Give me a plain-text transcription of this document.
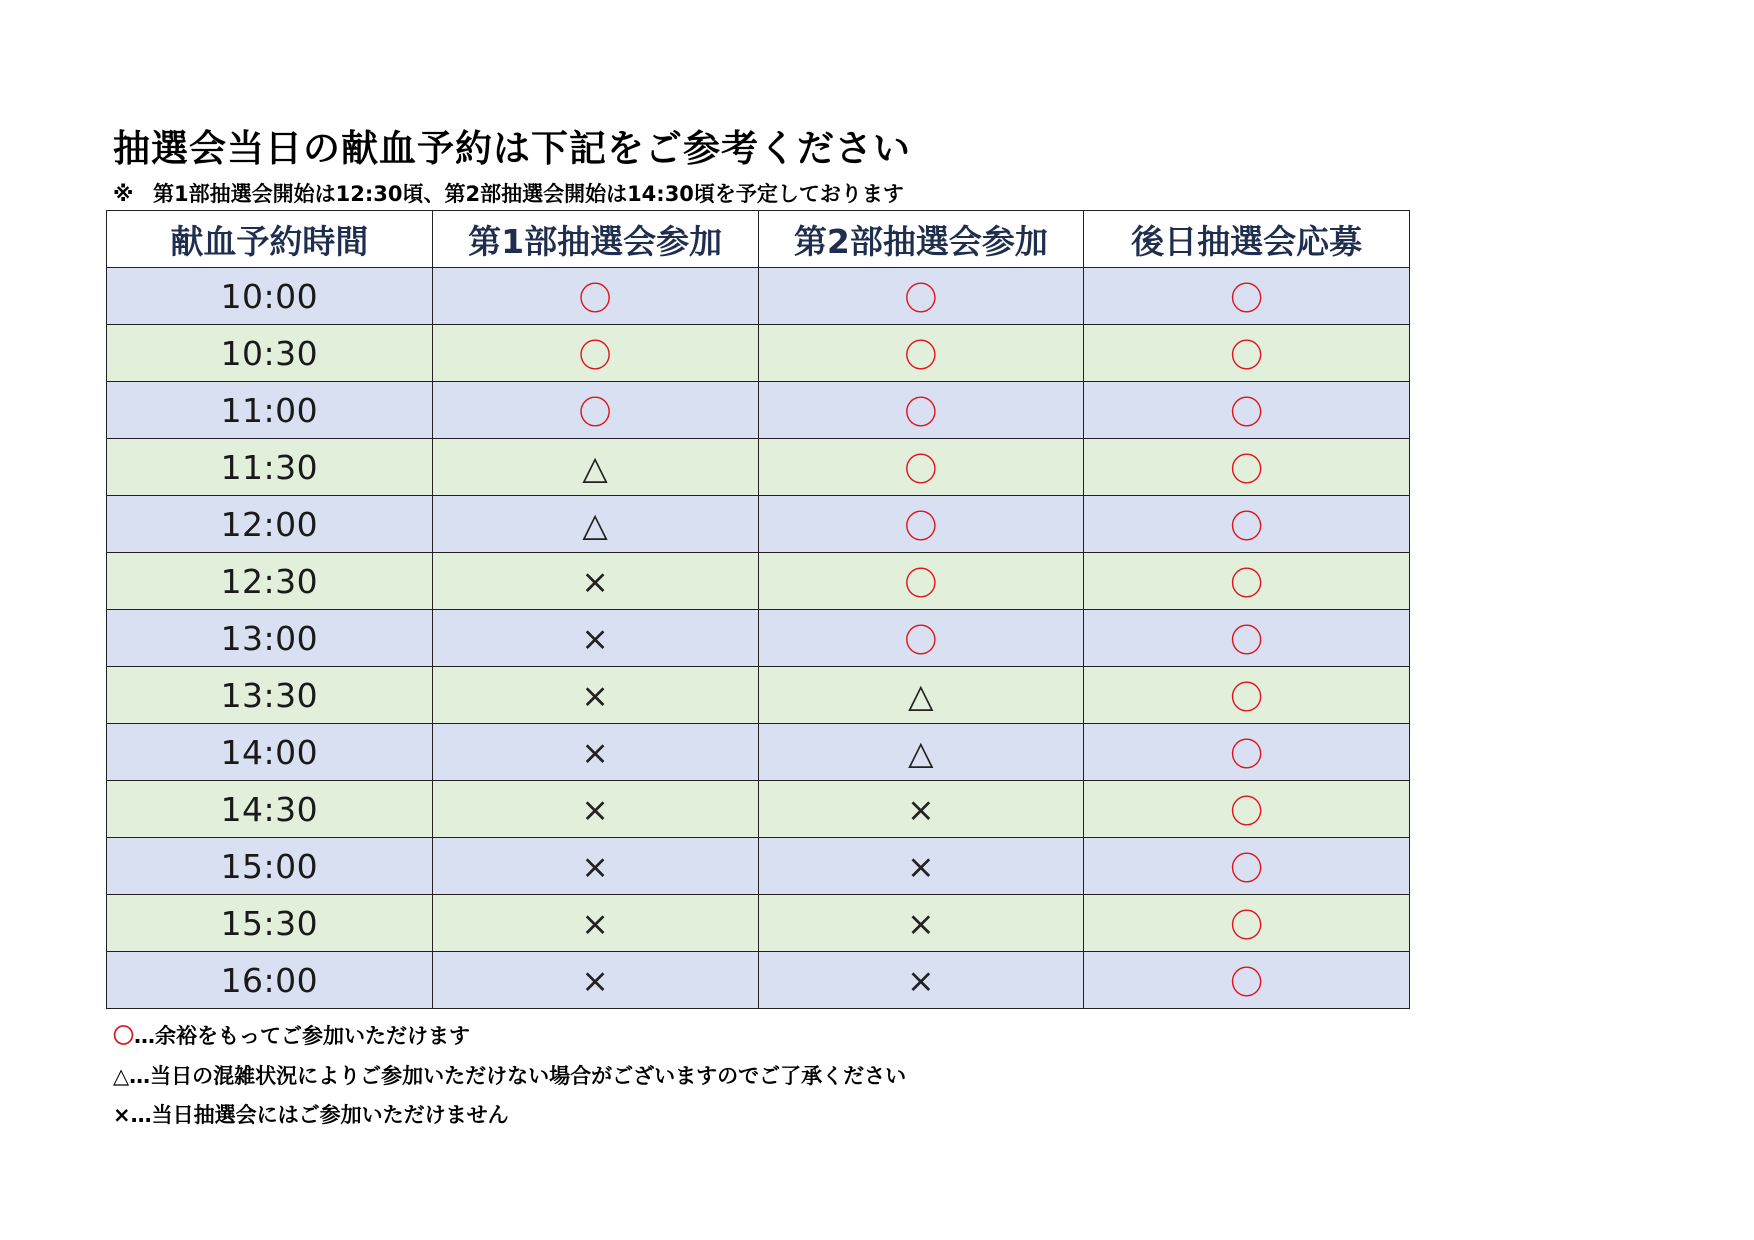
抽選会当日の献血予約は下記をご参考ください
※ 第1部抽選会開始は12:30頃、第2部抽選会開始は14:30頃を予定しております
献血予約時間	第1部抽選会参加	第2部抽選会参加	後日抽選会応募
10:00	〇	〇	〇
10:30	〇	〇	〇
11:00	〇	〇	〇
11:30	△	〇	〇
12:00	△	〇	〇
12:30	×	〇	〇
13:00	×	〇	〇
13:30	×	△	〇
14:00	×	△	〇
14:30	×	×	〇
15:00	×	×	〇
15:30	×	×	〇
16:00	×	×	〇
〇…余裕をもってご参加いただけます
△…当日の混雑状況によりご参加いただけない場合がございますのでご了承ください
×…当日抽選会にはご参加いただけません
